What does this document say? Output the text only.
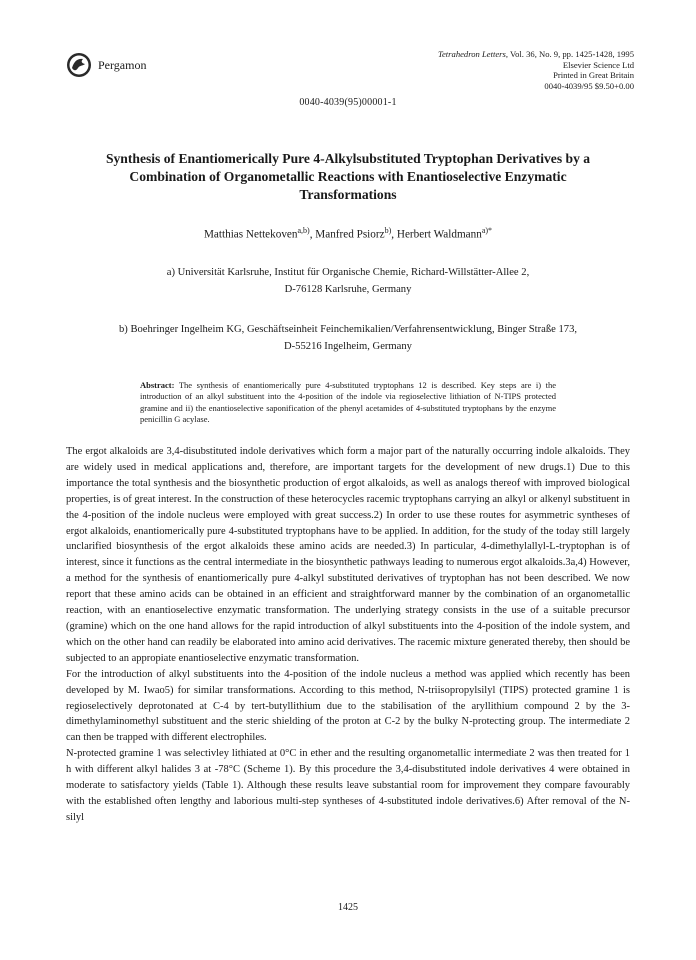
Pergamon
Tetrahedron Letters, Vol. 36, No. 9, pp. 1425-1428, 1995
Elsevier Science Ltd
Printed in Great Britain
0040-4039/95 $9.50+0.00
0040-4039(95)00001-1
Synthesis of Enantiomerically Pure 4-Alkylsubstituted Tryptophan Derivatives by a Combination of Organometallic Reactions with Enantioselective Enzymatic Transformations
Matthias Nettekoven$^{a,b)}$, Manfred Psiorz$^{b)}$, Herbert Waldmann$^{a)*}$
a) Universität Karlsruhe, Institut für Organische Chemie, Richard-Willstätter-Allee 2,
D-76128 Karlsruhe, Germany
b) Boehringer Ingelheim KG, Geschäftseinheit Feinchemikalien/Verfahrensentwicklung, Binger Straße 173,
D-55216 Ingelheim, Germany
Abstract: The synthesis of enantiomerically pure 4-substituted tryptophans 12 is described. Key steps are i) the introduction of an alkyl substituent into the 4-position of the indole via regioselective lithiation of N-TIPS protected gramine and ii) the enantioselective saponification of the phenyl acetamides of 4-substituted tryptophans by the enzyme penicillin G acylase.

The ergot alkaloids are 3,4-disubstituted indole derivatives which form a major part of the naturally occurring indole alkaloids. They are widely used in medical applications and, therefore, are important targets for the development of new drugs.1) Due to this importance the total synthesis and the biosynthetic production of ergot alkaloids, as well as analogs thereof with improved biological properties, is of great interest. In the construction of these heterocycles racemic tryptophans carrying an alkyl or alkenyl substituent in the 4-position of the indole nucleus were employed with great success.2) In order to use these routes for asymmetric syntheses of ergot alkaloids, enantiomerically pure 4-substituted tryptophans have to be applied. In addition, for the study of the today still largely unclarified biosynthesis of the ergot alkaloids these amino acids are needed.3) In particular, 4-dimethylallyl-L-tryptophan is of interest, since it functions as the central intermediate in the biosynthetic pathways leading to numerous ergot alkaloids.3a,4) However, a method for the synthesis of enantiomerically pure 4-alkyl substituted derivatives of tryptophan has not been described. We now report that these amino acids can be obtained in an efficient and straightforward manner by the combination of an organometallic reaction, with an enantioselective enzymatic transformation. The underlying strategy consists in the use of a suitable precursor (gramine) which on the one hand allows for the rapid introduction of alkyl substituents into the 4-position of the indole system, and which on the other hand can readily be elaborated into amino acid derivatives. The racemic mixture generated thereby, then should be subjected to an appropiate enantioselective enzymatic transformation.

For the introduction of alkyl substituents into the 4-position of the indole nucleus a method was applied which recently has been developed by M. Iwao5) for similar transformations. According to this method, N-triisopropylsilyl (TIPS) protected gramine 1 is regioselectively deprotonated at C-4 by tert-butyllithium due to the stabilisation of the aryllithium compound 2 by the 3-dimethylaminomethyl substituent and the steric shielding of the proton at C-2 by the bulky N-protecting group. The intermediate 2 can then be trapped with different electrophiles.

N-protected gramine 1 was selectivley lithiated at 0°C in ether and the resulting organometallic intermediate 2 was then treated for 1 h with different alkyl halides 3 at -78°C (Scheme 1). By this procedure the 3,4-disubstituted indole derivatives 4 were obtained in moderate to satisfactory yields (Table 1). Although these results leave substantial room for improvement they compare favourably with the established often lengthy and laborious multi-step syntheses of 4-substituted indole derivatives.6) After removal of the N-silyl

1425
